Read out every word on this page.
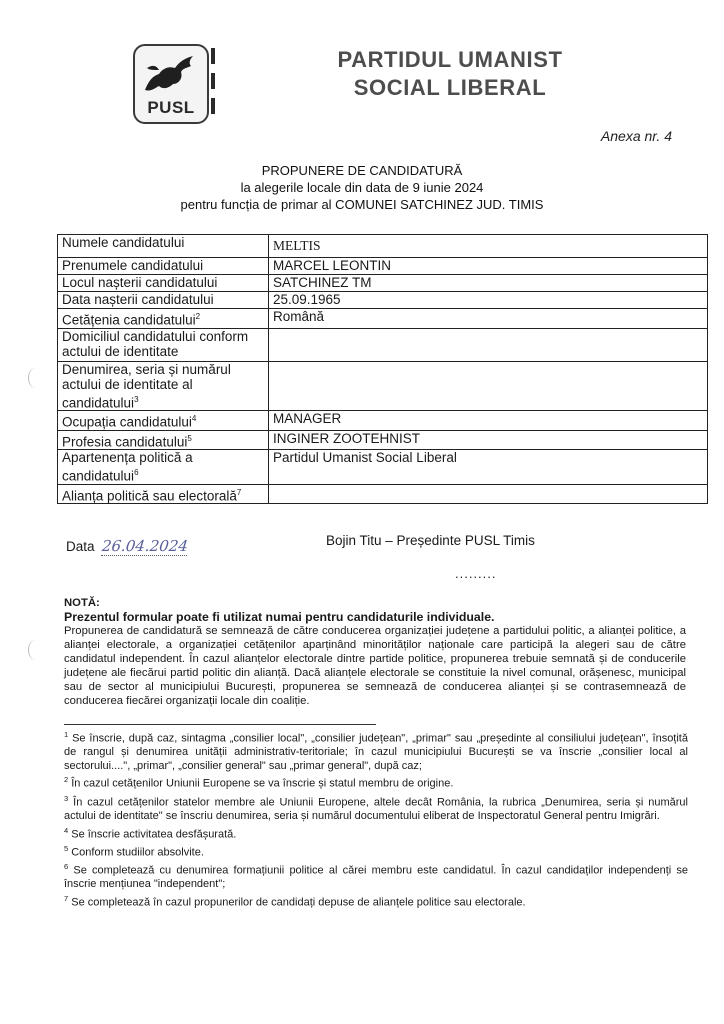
PUSL
PARTIDUL UMANIST
SOCIAL LIBERAL
Anexa nr. 4
PROPUNERE DE CANDIDATURĂ
la alegerile locale din data de 9 iunie 2024
pentru funcția de primar al COMUNEI SATCHINEZ JUD. TIMIS
Numele candidatului	MELTIS
Prenumele candidatului	MARCEL LEONTIN
Locul nașterii candidatului	SATCHINEZ TM
Data nașterii candidatului	25.09.1965
Cetățenia candidatului$^2$	Română
Domiciliul candidatului conform actului de identitate	
Denumirea, seria și numărul actului de identitate al candidatului$^3$	
Ocupația candidatului$^4$	MANAGER
Profesia candidatului$^5$	INGINER ZOOTEHNIST
Apartenența politică a candidatului$^6$	Partidul Umanist Social Liberal
Alianța politică sau electorală$^7$	
Data 26.04.2024	Bojin Titu – Președinte PUSL Timis
.........
NOTĂ:
Prezentul formular poate fi utilizat numai pentru candidaturile individuale.
Propunerea de candidatură se semnează de către conducerea organizației județene a partidului politic, a alianței politice, a alianței electorale, a organizației cetățenilor aparținând minorităților naționale care participă la alegeri sau de către candidatul independent. În cazul alianțelor electorale dintre partide politice, propunerea trebuie semnată și de conducerile județene ale fiecărui partid politic din alianță. Dacă alianțele electorale se constituie la nivel comunal, orășenesc, municipal sau de sector al municipiului București, propunerea se semnează de conducerea alianței și se contrasemnează de conducerea fiecărei organizații locale din coaliție.

$^1$ Se înscrie, după caz, sintagma „consilier local", „consilier județean", „primar" sau „președinte al consiliului județean", însoțită de rangul și denumirea unității administrativ-teritoriale; în cazul municipiului București se va înscrie „consilier local al sectorului....", „primar", „consilier general" sau „primar general", după caz;

$^2$ În cazul cetățenilor Uniunii Europene se va înscrie și statul membru de origine.

$^3$ În cazul cetățenilor statelor membre ale Uniunii Europene, altele decât România, la rubrica „Denumirea, seria și numărul actului de identitate" se înscriu denumirea, seria și numărul documentului eliberat de Inspectoratul General pentru Imigrări.

$^4$ Se înscrie activitatea desfășurată.

$^5$ Conform studiilor absolvite.

$^6$ Se completează cu denumirea formațiunii politice al cărei membru este candidatul. În cazul candidaților independenți se înscrie mențiunea "independent";

$^7$ Se completează în cazul propunerilor de candidați depuse de alianțele politice sau electorale.
